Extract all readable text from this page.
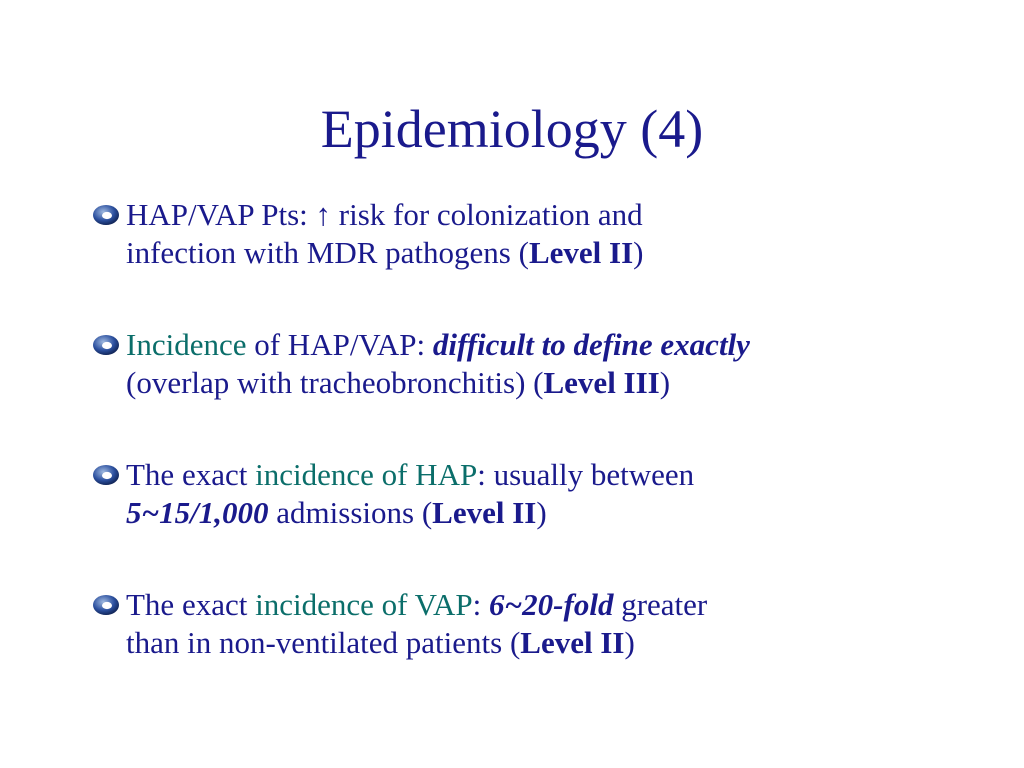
Epidemiology (4)
HAP/VAP Pts: ↑ risk for colonization and
infection with MDR pathogens (Level II)
Incidence of HAP/VAP: difficult to define exactly
(overlap with tracheobronchitis) (Level III)
The exact incidence of HAP: usually between
5~15/1,000 admissions (Level II)
The exact incidence of VAP: 6~20-fold greater
than in non-ventilated patients (Level II)
